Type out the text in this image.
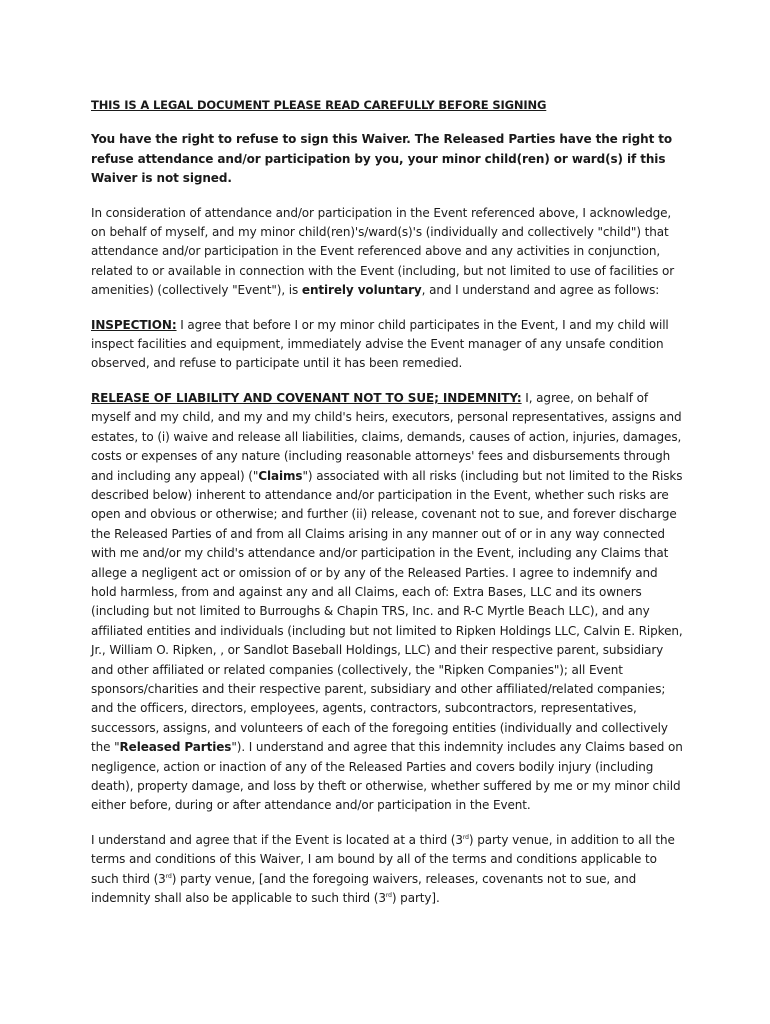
THIS IS A LEGAL DOCUMENT PLEASE READ CAREFULLY BEFORE SIGNING

You have the right to refuse to sign this Waiver. The Released Parties have the right to refuse attendance and/or participation by you, your minor child(ren) or ward(s) if this Waiver is not signed.

In consideration of attendance and/or participation in the Event referenced above, I acknowledge, on behalf of myself, and my minor child(ren)'s/ward(s)'s (individually and collectively "child") that attendance and/or participation in the Event referenced above and any activities in conjunction, related to or available in connection with the Event (including, but not limited to use of facilities or amenities) (collectively "Event"), is entirely voluntary, and I understand and agree as follows:

INSPECTION: I agree that before I or my minor child participates in the Event, I and my child will inspect facilities and equipment, immediately advise the Event manager of any unsafe condition observed, and refuse to participate until it has been remedied.

RELEASE OF LIABILITY AND COVENANT NOT TO SUE; INDEMNITY: I, agree, on behalf of myself and my child, and my and my child's heirs, executors, personal representatives, assigns and estates, to (i) waive and release all liabilities, claims, demands, causes of action, injuries, damages, costs or expenses of any nature (including reasonable attorneys' fees and disbursements through and including any appeal) ("Claims") associated with all risks (including but not limited to the Risks described below) inherent to attendance and/or participation in the Event, whether such risks are open and obvious or otherwise; and further (ii) release, covenant not to sue, and forever discharge the Released Parties of and from all Claims arising in any manner out of or in any way connected with me and/or my child's attendance and/or participation in the Event, including any Claims that allege a negligent act or omission of or by any of the Released Parties. I agree to indemnify and hold harmless, from and against any and all Claims, each of: Extra Bases, LLC and its owners (including but not limited to Burroughs & Chapin TRS, Inc. and R-C Myrtle Beach LLC), and any affiliated entities and individuals (including but not limited to Ripken Holdings LLC, Calvin E. Ripken, Jr., William O. Ripken, , or Sandlot Baseball Holdings, LLC) and their respective parent, subsidiary and other affiliated or related companies (collectively, the "Ripken Companies"); all Event sponsors/charities and their respective parent, subsidiary and other affiliated/related companies; and the officers, directors, employees, agents, contractors, subcontractors, representatives, successors, assigns, and volunteers of each of the foregoing entities (individually and collectively the "Released Parties"). I understand and agree that this indemnity includes any Claims based on negligence, action or inaction of any of the Released Parties and covers bodily injury (including death), property damage, and loss by theft or otherwise, whether suffered by me or my minor child either before, during or after attendance and/or participation in the Event.

I understand and agree that if the Event is located at a third (3rd) party venue, in addition to all the terms and conditions of this Waiver, I am bound by all of the terms and conditions applicable to such third (3rd) party venue, [and the foregoing waivers, releases, covenants not to sue, and indemnity shall also be applicable to such third (3rd) party].
